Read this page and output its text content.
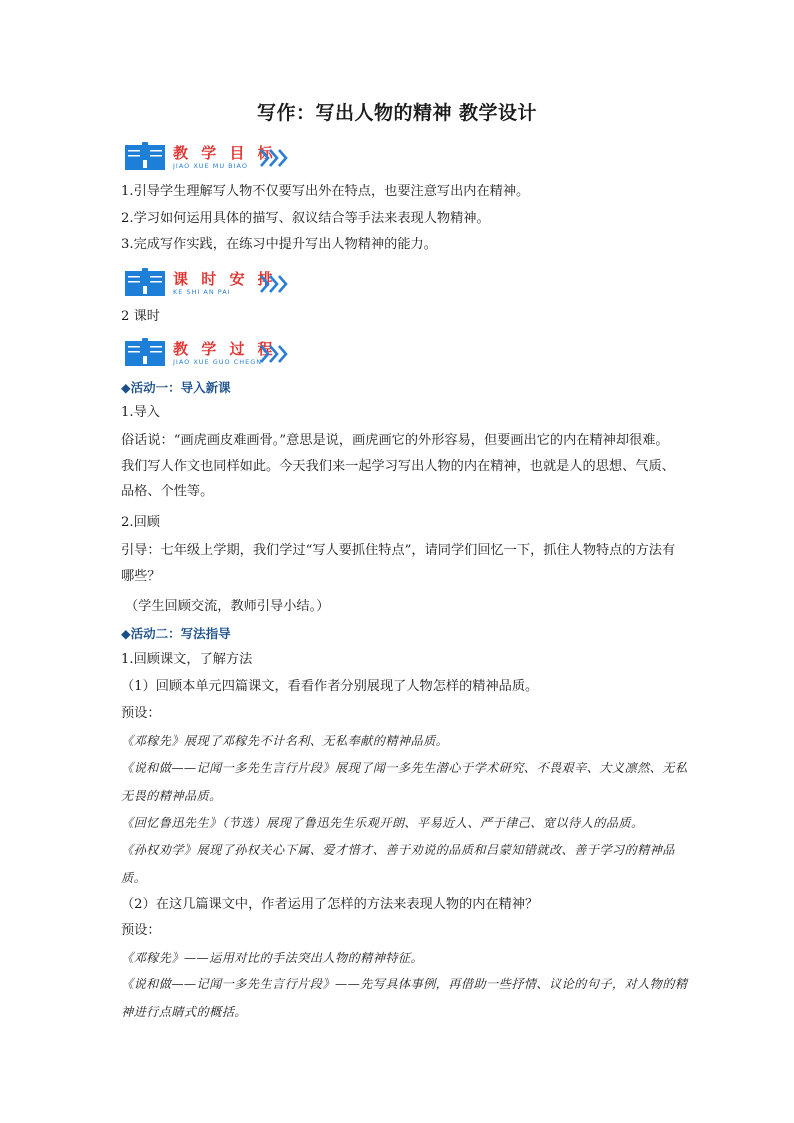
写作：写出人物的精神 教学设计
教 学 目 标
JIAO XUE MU BIAO
1.引导学生理解写人物不仅要写出外在特点，也要注意写出内在精神。
2.学习如何运用具体的描写、叙议结合等手法来表现人物精神。
3.完成写作实践，在练习中提升写出人物精神的能力。
课 时 安 排
KE SHI AN PAI
2 课时
教 学 过 程
JIAO XUE GUO CHEGN
◆活动一：导入新课
1.导入
俗话说：“画虎画皮难画骨。”意思是说，画虎画它的外形容易，但要画出它的内在精神却很难。我们写人作文也同样如此。今天我们来一起学习写出人物的内在精神，也就是人的思想、气质、品格、个性等。
2.回顾
引导：七年级上学期，我们学过“写人要抓住特点”，请同学们回忆一下，抓住人物特点的方法有哪些？
（学生回顾交流，教师引导小结。）
◆活动二：写法指导
1.回顾课文，了解方法
（1）回顾本单元四篇课文，看看作者分别展现了人物怎样的精神品质。
预设：
《邓稼先》展现了邓稼先不计名利、无私奉献的精神品质。
《说和做——记闻一多先生言行片段》展现了闻一多先生潜心于学术研究、不畏艰辛、大义凛然、无私无畏的精神品质。
《回忆鲁迅先生》（节选）展现了鲁迅先生乐观开朗、平易近人、严于律己、宽以待人的品质。
《孙权劝学》展现了孙权关心下属、爱才惜才、善于劝说的品质和吕蒙知错就改、善于学习的精神品质。
（2）在这几篇课文中，作者运用了怎样的方法来表现人物的内在精神？
预设：
《邓稼先》——运用对比的手法突出人物的精神特征。
《说和做——记闻一多先生言行片段》——先写具体事例，再借助一些抒情、议论的句子，对人物的精神进行点睛式的概括。
